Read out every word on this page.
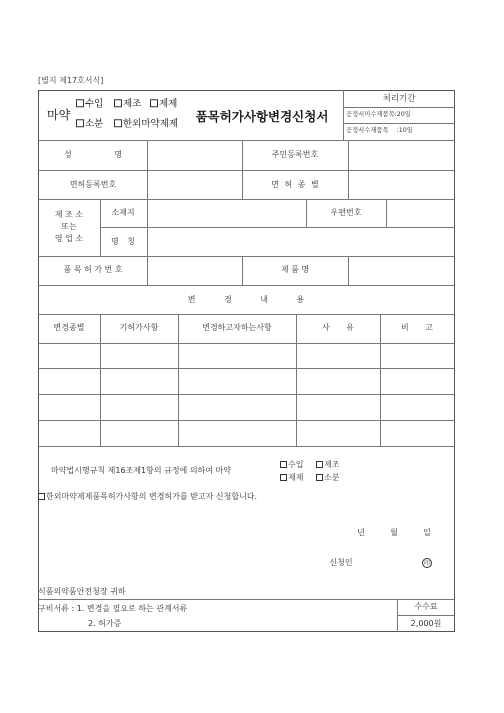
[별지 제17호서식]
마약
수입	제조	제제
소분	한외마약제제 품목허가사항변경신청서
처리기간
공정서미수재품목:20일
공정서수재품목    :10일
성 명	주민등록번호
면허등록번호	면 허 종 별
제 조 소
또는
영 업 소
소재지	우편번호
명 칭
품 목 허 가 번 호	제 품 명
변 경 내 용
변경종별	기허가사항	변경하고자하는사항	사 유	비 고
마약법시행규칙 제16조제1항의 규정에 의하여 마약
수입	제조
제제	소분
한외마약제제품목허가사항의 변경허가를 받고자 신청합니다.
년	월	일
신청인	印
식품의약품안전청장 귀하
구비서류 : 1. 변경을 필요로 하는 관계서류
2. 허가증
수수료
2,000원
